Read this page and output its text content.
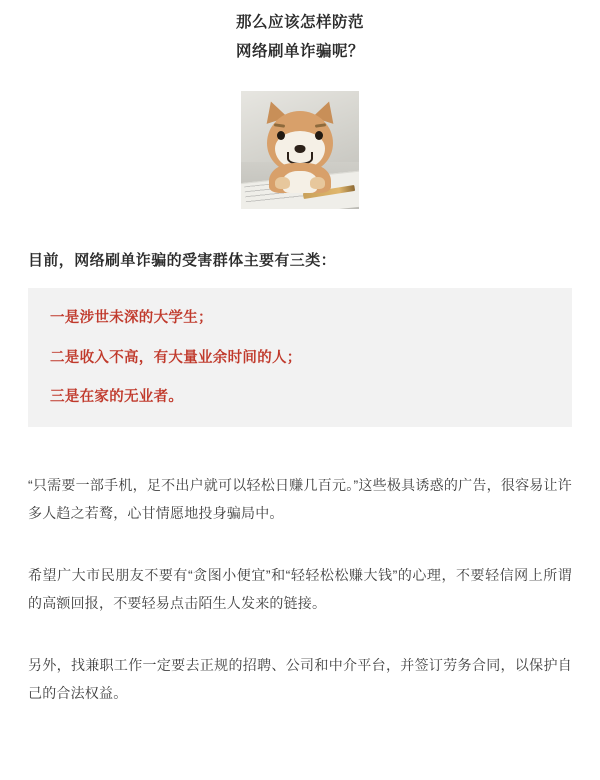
那么应该怎样防范
网络刷单诈骗呢？

目前，网络刷单诈骗的受害群体主要有三类：

一是涉世未深的大学生；

二是收入不高，有大量业余时间的人；

三是在家的无业者。

“只需要一部手机，足不出户就可以轻松日赚几百元。”这些极具诱惑的广告，很容易让许多人趋之若鹜，心甘情愿地投身骗局中。

希望广大市民朋友不要有“贪图小便宜”和“轻轻松松赚大钱”的心理，不要轻信网上所谓的高额回报，不要轻易点击陌生人发来的链接。

另外，找兼职工作一定要去正规的招聘、公司和中介平台，并签订劳务合同，以保护自己的合法权益。
